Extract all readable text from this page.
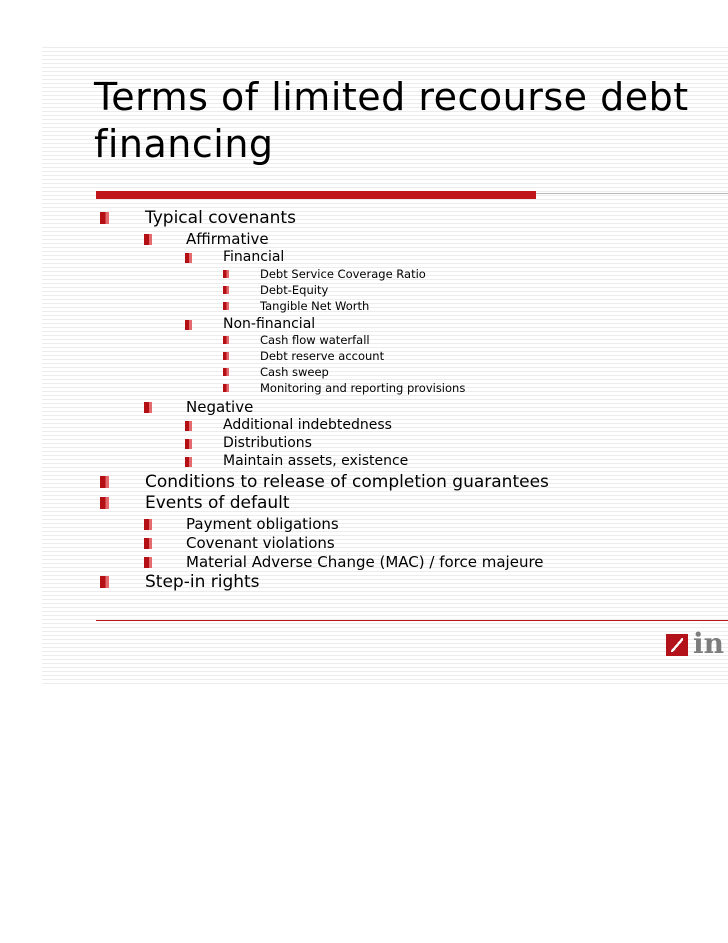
Terms of limited recourse debt
financing
Typical covenants
Affirmative
Financial
Debt Service Coverage Ratio
Debt-Equity
Tangible Net Worth
Non-financial
Cash flow waterfall
Debt reserve account
Cash sweep
Monitoring and reporting provisions
Negative
Additional indebtedness
Distributions
Maintain assets, existence
Conditions to release of completion guarantees
Events of default
Payment obligations
Covenant violations
Material Adverse Change (MAC) / force majeure
Step-in rights
in
